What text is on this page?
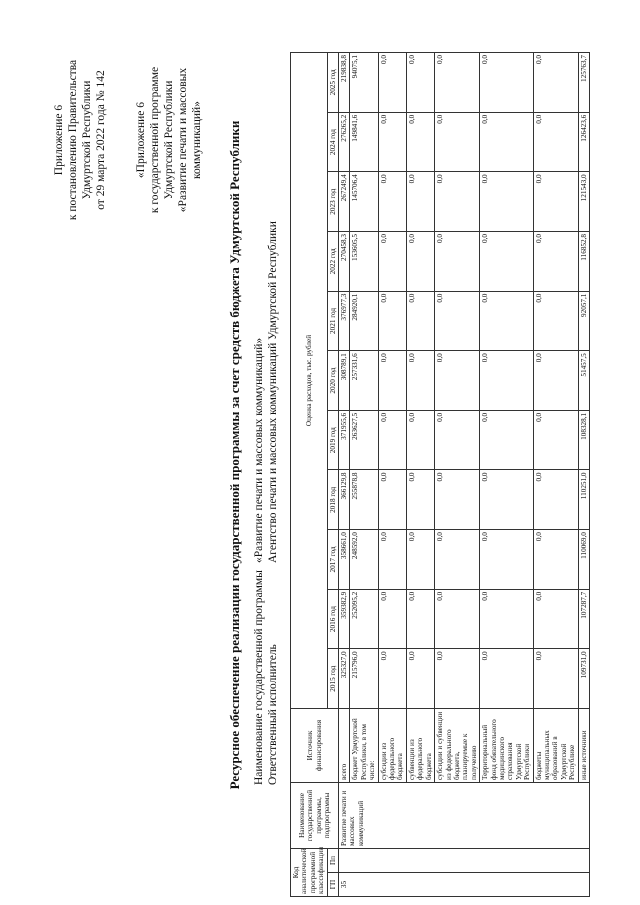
Приложение 6 к постановлению Правительства Удмуртской Республики от 29 марта 2022 года № 142 «Приложение 6 к государственной программе Удмуртской Республики «Развитие печати и массовых коммуникаций» Ресурсное обеспечение реализации государственной программы за счет средств бюджета Удмуртской Республики Наименование государственной программы
«Развитие печати и массовых коммуникаций»
Ответственный исполнитель
Агентство печати и массовых коммуникаций Удмуртской Республики
Код аналитической программной классификации		Наименование государственной программы, подпрограммы	Источник финансирования	Оценка расходов, тыс. рублей										
ГП	Пп			2015 год	2016 год	2017 год	2018 год	2019 год	2020 год	2021 год	2022 год	2023 год	2024 год	2025 год

35		Развитие печати и массовых коммуникаций	всего	325327,0	359382,9	358661,0	366129,8	371955,6	308789,1	376977,3	270458,3	267249,4	276265,2	219838,8
			бюджет Удмуртской Республики, в том числе:	215796,0	252095,2	248592,0	255878,8	263627,5	257331,6	284920,1	153605,5	145706,4	149841,6	94075,1
			субсидии из федерального бюджета	0,0	0,0	0,0	0,0	0,0	0,0	0,0	0,0	0,0	0,0	0,0
			субвенции из федерального бюджета	0,0	0,0	0,0	0,0	0,0	0,0	0,0	0,0	0,0	0,0	0,0
			субсидии и субвенции из федерального бюджета, планируемые к получению	0,0	0,0	0,0	0,0	0,0	0,0	0,0	0,0	0,0	0,0	0,0
			Территориальный фонд обязательного медицинского страхования Удмуртской Республики	0,0	0,0	0,0	0,0	0,0	0,0	0,0	0,0	0,0	0,0	0,0
			бюджеты муниципальных образований в Удмуртской Республике	0,0	0,0	0,0	0,0	0,0	0,0	0,0	0,0	0,0	0,0	0,0
			иные источники	109731,0	107287,7	110069,0	110251,0	108328,1	51457,5	92057,1	116852,8	121543,0	126423,6	125763,7
